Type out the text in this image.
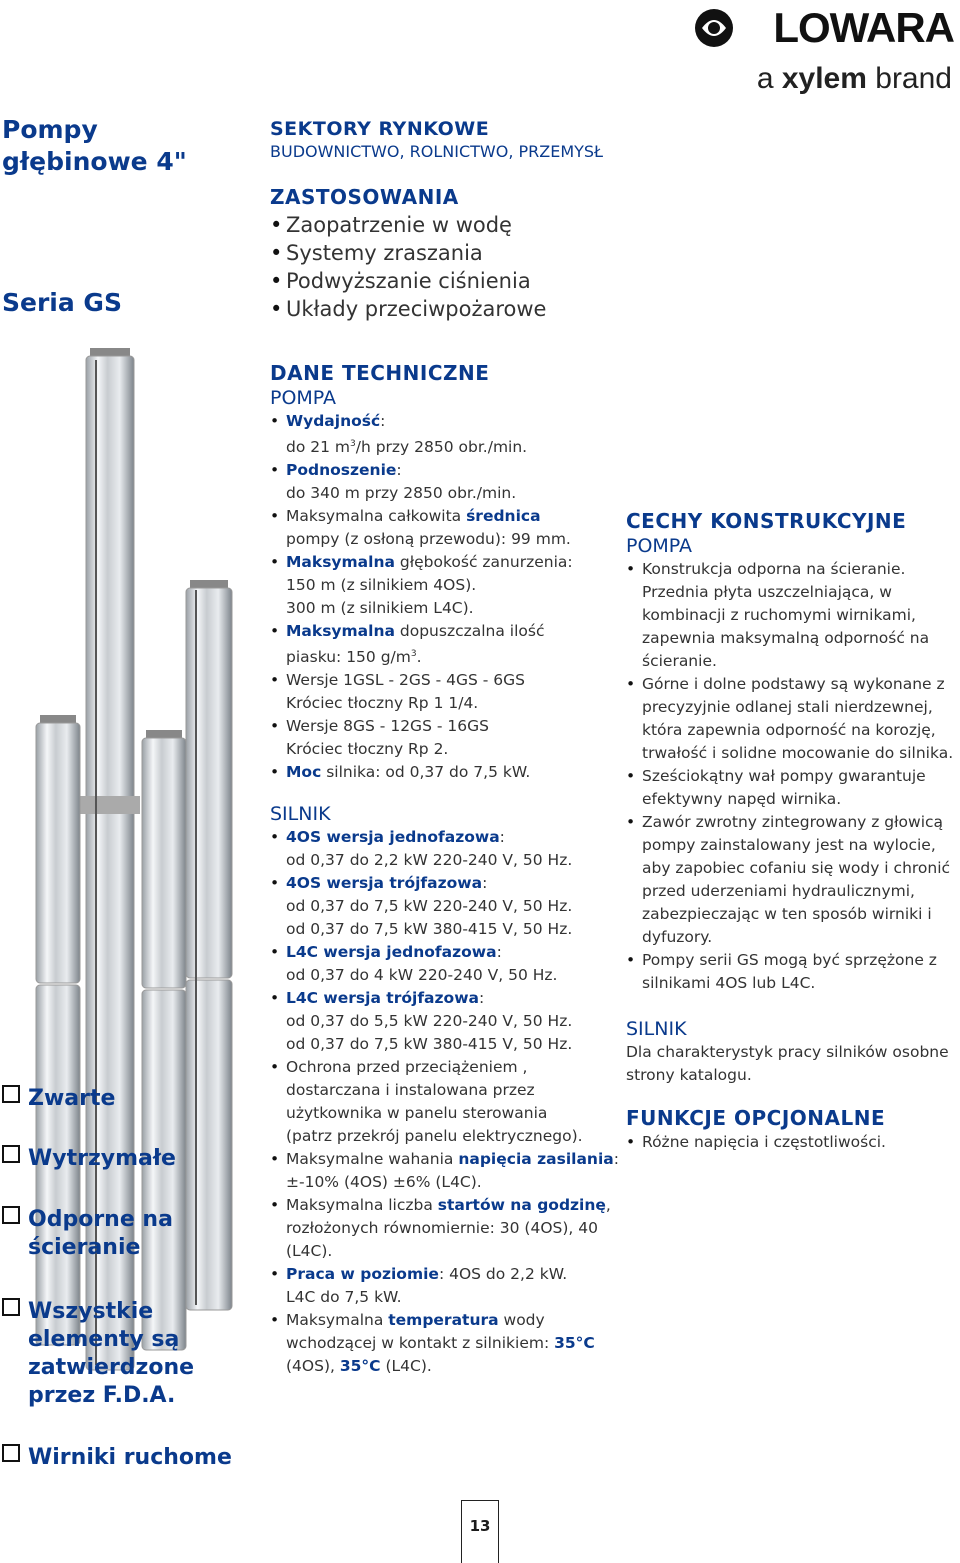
LOWARA
a xylem brand
Pompy
głębinowe 4"
Seria GS
SEKTORY RYNKOWE
BUDOWNICTWO, ROLNICTWO, PRZEMYSŁ
ZASTOSOWANIA
• Zaopatrzenie w wodę
• Systemy zraszania
• Podwyższanie ciśnienia
• Układy przeciwpożarowe
DANE TECHNICZNE
POMPA
• Wydajność:
do 21 $m^3/h$ przy 2850 obr./min.
• Podnoszenie:
do 340 m przy 2850 obr./min.
• Maksymalna całkowita średnica
pompy (z osłoną przewodu): 99 mm.
• Maksymalna głębokość zanurzenia:
150 m (z silnikiem 4OS).
300 m (z silnikiem L4C).
• Maksymalna dopuszczalna ilość
piasku: 150 $g/m^3$.
• Wersje 1GSL - 2GS - 4GS - 6GS
Króciec tłoczny Rp 1 1/4.
• Wersje 8GS - 12GS - 16GS
Króciec tłoczny Rp 2.
• Moc silnika: od 0,37 do 7,5 kW.
SILNIK
• 4OS wersja jednofazowa:
od 0,37 do 2,2 kW 220-240 V, 50 Hz.
• 4OS wersja trójfazowa:
od 0,37 do 7,5 kW 220-240 V, 50 Hz.
od 0,37 do 7,5 kW 380-415 V, 50 Hz.
• L4C wersja jednofazowa:
od 0,37 do 4 kW 220-240 V, 50 Hz.
• L4C wersja trójfazowa:
od 0,37 do 5,5 kW 220-240 V, 50 Hz.
od 0,37 do 7,5 kW 380-415 V, 50 Hz.
• Ochrona przed przeciążeniem ,
dostarczana i instalowana przez
użytkownika w panelu sterowania
(patrz przekrój panelu elektrycznego).
• Maksymalne wahania napięcia zasilania: ±-10% (4OS) ±6% (L4C).
• Maksymalna liczba startów na godzinę, rozłożonych równomiernie: 30 (4OS), 40 (L4C).
• Praca w poziomie: 4OS do 2,2 kW.
L4C do 7,5 kW.
• Maksymalna temperatura wody wchodzącej w kontakt z silnikiem: 35°C (4OS), 35°C (L4C).
CECHY KONSTRUKCYJNE
POMPA
• Konstrukcja odporna na ścieranie. Przednia płyta uszczelniająca, w kombinacji z ruchomymi wirnikami, zapewnia maksymalną odporność na ścieranie.
• Górne i dolne podstawy są wykonane z precyzyjnie odlanej stali nierdzewnej, która zapewnia odporność na korozję, trwałość i solidne mocowanie do silnika.
• Sześciokątny wał pompy gwarantuje efektywny napęd wirnika.
• Zawór zwrotny zintegrowany z głowicą pompy zainstalowany jest na wylocie, aby zapobiec cofaniu się wody i chronić przed uderzeniami hydraulicznymi, zabezpieczając w ten sposób wirniki i dyfuzory.
• Pompy serii GS mogą być sprzężone z silnikami 4OS lub L4C.
SILNIK
Dla charakterystyk pracy silników osobne strony katalogu.
FUNKCJE OPCJONALNE
• Różne napięcia i częstotliwości.
Zwarte
Wytrzymałe
Odporne na ścieranie
Wszystkie elementy są zatwierdzone przez F.D.A.
Wirniki ruchome
13
